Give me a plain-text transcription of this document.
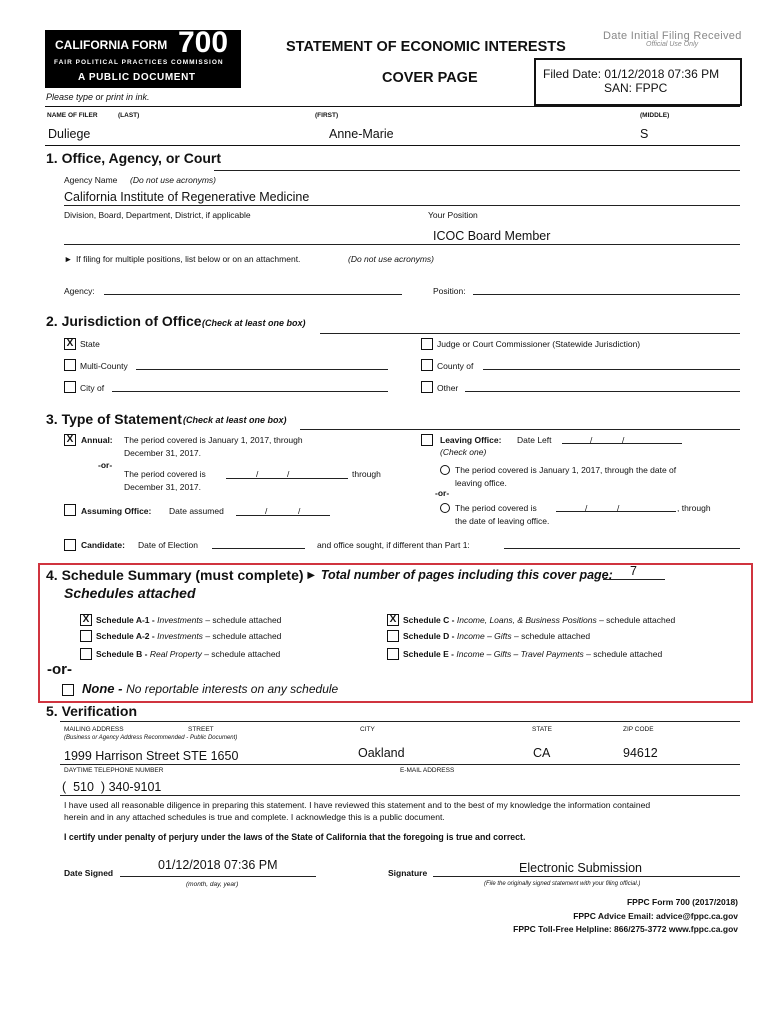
CALIFORNIA FORM 700
FAIR POLITICAL PRACTICES COMMISSION
A PUBLIC DOCUMENT
Please type or print in ink.
STATEMENT OF ECONOMIC INTERESTS
COVER PAGE
Date Initial Filing Received
Official Use Only
Filed Date: 01/12/2018 07:36 PM
SAN: FPPC
NAME OF FILER	(LAST)	(FIRST)	(MIDDLE)
Duliege	Anne-Marie	S
1. Office, Agency, or Court
Agency Name (Do not use acronyms)
California Institute of Regenerative Medicine
Division, Board, Department, District, if applicable	Your Position
ICOC Board Member
► If filing for multiple positions, list below or on an attachment.	(Do not use acronyms)
Agency:	Position:
2. Jurisdiction of Office (Check at least one box)
X State	Judge or Court Commissioner (Statewide Jurisdiction)
Multi-County	County of
City of	Other
3. Type of Statement (Check at least one box)
X Annual: The period covered is January 1, 2017, through
December 31, 2017.
-or-
The period covered is	/	/	through
December 31, 2017.
Assuming Office: Date assumed	/	/
Leaving Office: Date Left	/	/
(Check one)
The period covered is January 1, 2017, through the date of
leaving office.
-or-
The period covered is	/	/	, through
the date of leaving office.
Candidate: Date of Election	and office sought, if different than Part 1:
4. Schedule Summary (must complete) ► Total number of pages including this cover page: 7
Schedules attached
X Schedule A-1 - Investments – schedule attached
Schedule A-2 - Investments – schedule attached
Schedule B - Real Property – schedule attached
X Schedule C - Income, Loans, & Business Positions – schedule attached
Schedule D - Income – Gifts – schedule attached
Schedule E - Income – Gifts – Travel Payments – schedule attached
-or-
None - No reportable interests on any schedule
5. Verification
MAILING ADDRESS	STREET	CITY	STATE	ZIP CODE
(Business or Agency Address Recommended - Public Document)
1999 Harrison Street STE 1650	Oakland	CA	94612
DAYTIME TELEPHONE NUMBER	E-MAIL ADDRESS
(  510  ) 340-9101
I have used all reasonable diligence in preparing this statement. I have reviewed this statement and to the best of my knowledge the information contained
herein and in any attached schedules is true and complete. I acknowledge this is a public document.
I certify under penalty of perjury under the laws of the State of California that the foregoing is true and correct.
Date Signed
01/12/2018 07:36 PM
(month, day, year)
Signature	Electronic Submission
(File the originally signed statement with your filing official.)
FPPC Form 700 (2017/2018)
FPPC Advice Email: advice@fppc.ca.gov
FPPC Toll-Free Helpline: 866/275-3772 www.fppc.ca.gov
